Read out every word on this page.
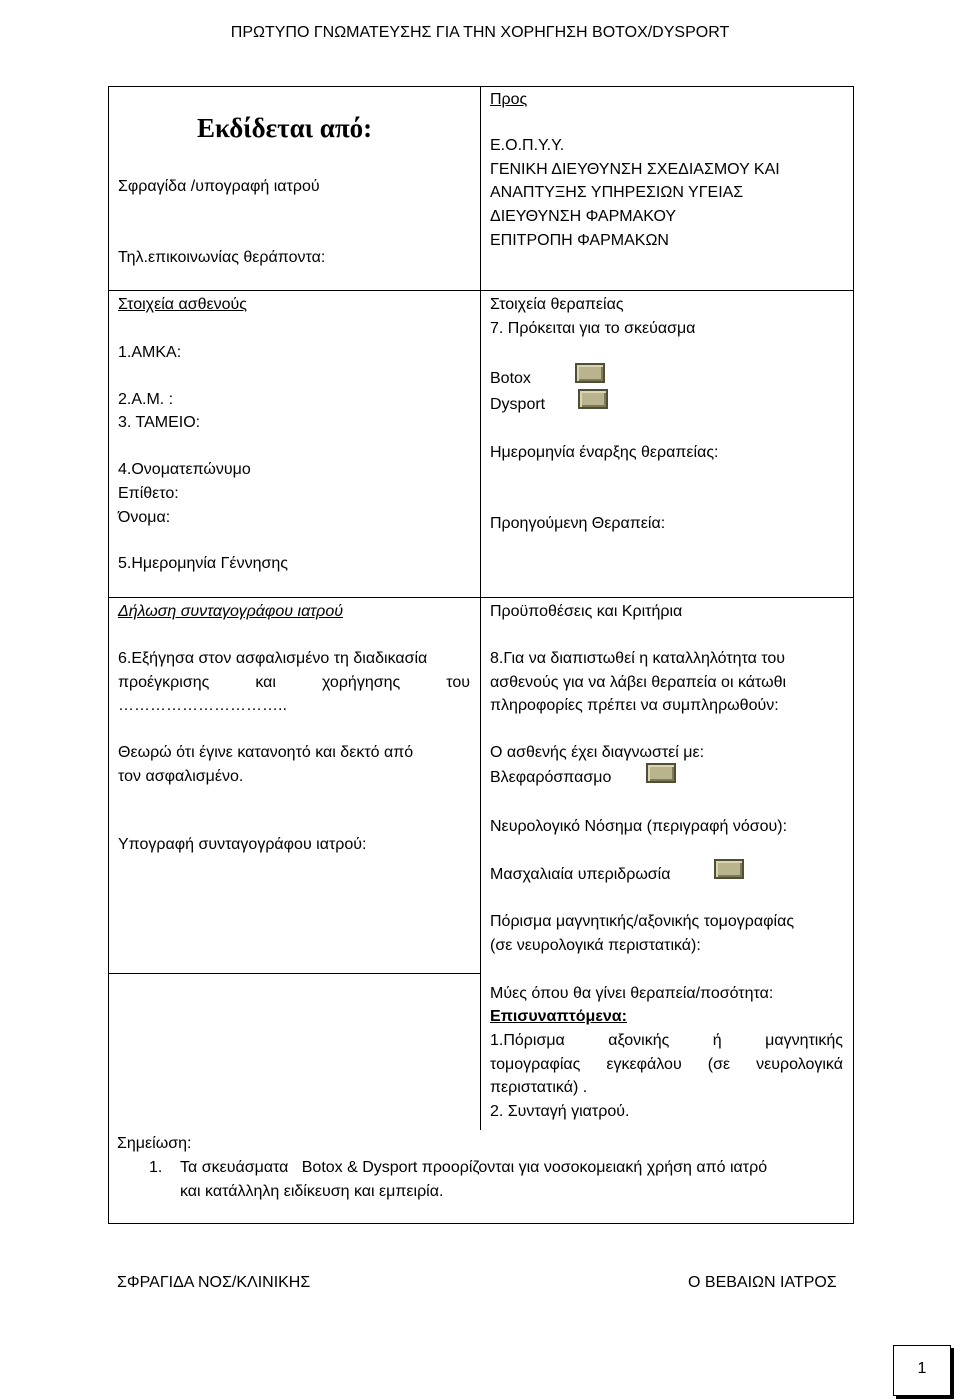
ΠΡΩΤΥΠΟ ΓΝΩΜΑΤΕΥΣΗΣ ΓΙΑ ΤΗΝ ΧΟΡΗΓΗΣΗ BOTOX/DYSPORT
Εκδίδεται από:
Σφραγίδα /υπογραφή ιατρού
Τηλ.επικοινωνίας θεράποντα:
Προς
Ε.Ο.Π.Υ.Υ.
ΓΕΝΙΚΗ ΔΙΕΥΘΥΝΣΗ ΣΧΕΔΙΑΣΜΟΥ ΚΑΙ
ΑΝΑΠΤΥΞΗΣ ΥΠΗΡΕΣΙΩΝ ΥΓΕΙΑΣ
ΔΙΕΥΘΥΝΣΗ ΦΑΡΜΑΚΟΥ
ΕΠΙΤΡΟΠΗ ΦΑΡΜΑΚΩΝ
Στοιχεία ασθενούς
1.ΑΜΚΑ:
2.Α.Μ. :
3. ΤΑΜΕΙΟ:
4.Ονοματεπώνυμο
Επίθετο:
Όνομα:
5.Ημερομηνία Γέννησης
Στοιχεία θεραπείας
7. Πρόκειται για το σκεύασμα
Botox
Dysport
Ημερομηνία έναρξης θεραπείας:
Προηγούμενη Θεραπεία:
Δήλωση συνταγογράφου ιατρού
6.Εξήγησα στον ασφαλισμένο τη διαδικασία
προέγκρισης	και	χορήγησης	του
…………………………..
Θεωρώ ότι έγινε κατανοητό και δεκτό από
τον ασφαλισμένο.
Υπογραφή συνταγογράφου ιατρού:
Προϋποθέσεις και Κριτήρια
8.Για να διαπιστωθεί η καταλληλότητα του
ασθενούς για να λάβει θεραπεία οι κάτωθι
πληροφορίες πρέπει να συμπληρωθούν:
Ο ασθενής έχει διαγνωστεί με:
Βλεφαρόσπασμο
Νευρολογικό Νόσημα (περιγραφή νόσου):
Μασχαλιαία υπεριδρωσία
Πόρισμα μαγνητικής/αξονικής τομογραφίας
(σε νευρολογικά περιστατικά):
Μύες όπου θα γίνει θεραπεία/ποσότητα:
Επισυναπτόμενα:
1.Πόρισμα	αξονικής	ή	μαγνητικής
τομογραφίας εγκεφάλου (σε νευρολογικά
περιστατικά) .
2. Συνταγή γιατρού.
Σημείωση:
1. Τα σκευάσματα   Botox & Dysport προορίζονται για νοσοκομειακή χρήση από ιατρό
και κατάλληλη ειδίκευση και εμπειρία.
ΣΦΡΑΓΙΔΑ ΝΟΣ/ΚΛΙΝΙΚΗΣ	Ο ΒΕΒΑΙΩΝ ΙΑΤΡΟΣ
1
